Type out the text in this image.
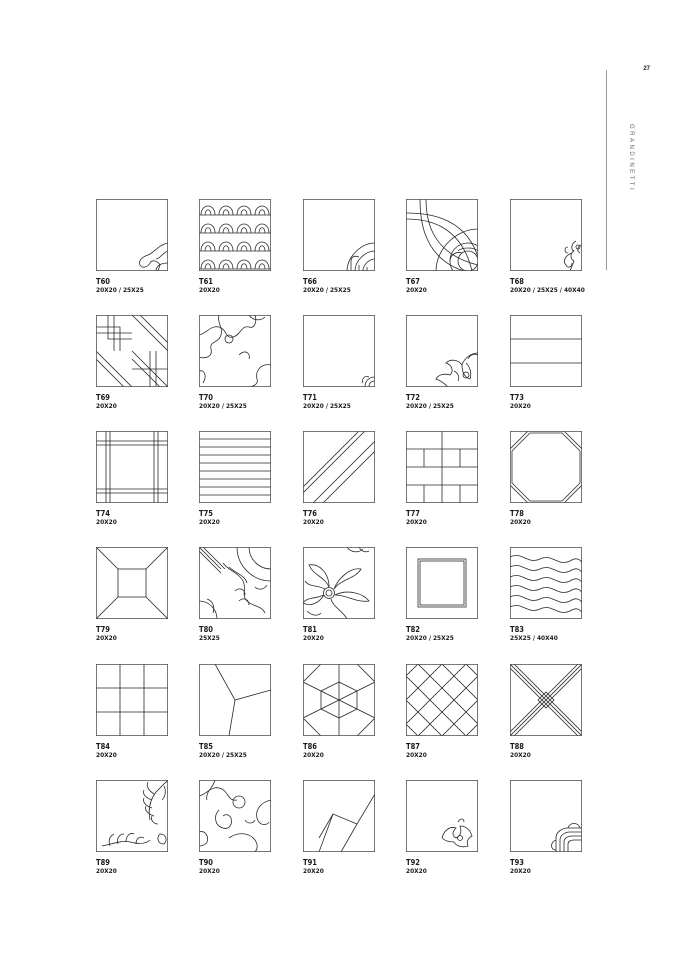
27
GRANDINETTI
T60
20X20 / 25X25
T61
20X20
T66
20X20 / 25X25
T67
20X20
T68
20X20 / 25X25 / 40X40
T69
20X20
T70
20X20 / 25X25
T71
20X20 / 25X25
T72
20X20 / 25X25
T73
20X20
T74
20X20
T75
20X20
T76
20X20
T77
20X20
T78
20X20
T79
20X20
T80
25X25
T81
20X20
T82
20X20 / 25X25
T83
25X25 / 40X40
T84
20X20
T85
20X20 / 25X25
T86
20X20
T87
20X20
T88
20X20
T89
20X20
T90
20X20
T91
20X20
T92
20X20
T93
20X20
